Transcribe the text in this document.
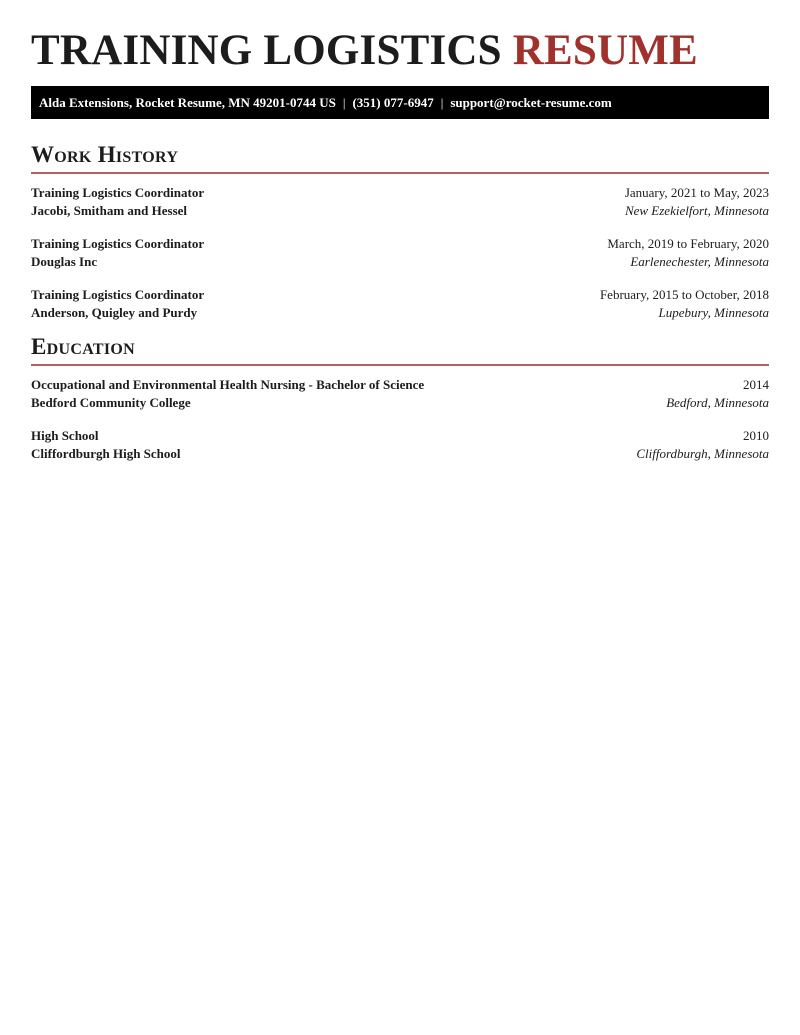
TRAINING LOGISTICS RESUME
Alda Extensions, Rocket Resume, MN 49201-0744 US | (351) 077-6947 | support@rocket-resume.com
Work History
Training Logistics Coordinator	January, 2021 to May, 2023
Jacobi, Smitham and Hessel	New Ezekielfort, Minnesota
Training Logistics Coordinator	March, 2019 to February, 2020
Douglas Inc	Earlenechester, Minnesota
Training Logistics Coordinator	February, 2015 to October, 2018
Anderson, Quigley and Purdy	Lupebury, Minnesota
Education
Occupational and Environmental Health Nursing - Bachelor of Science	2014
Bedford Community College	Bedford, Minnesota
High School	2010
Cliffordburgh High School	Cliffordburgh, Minnesota
